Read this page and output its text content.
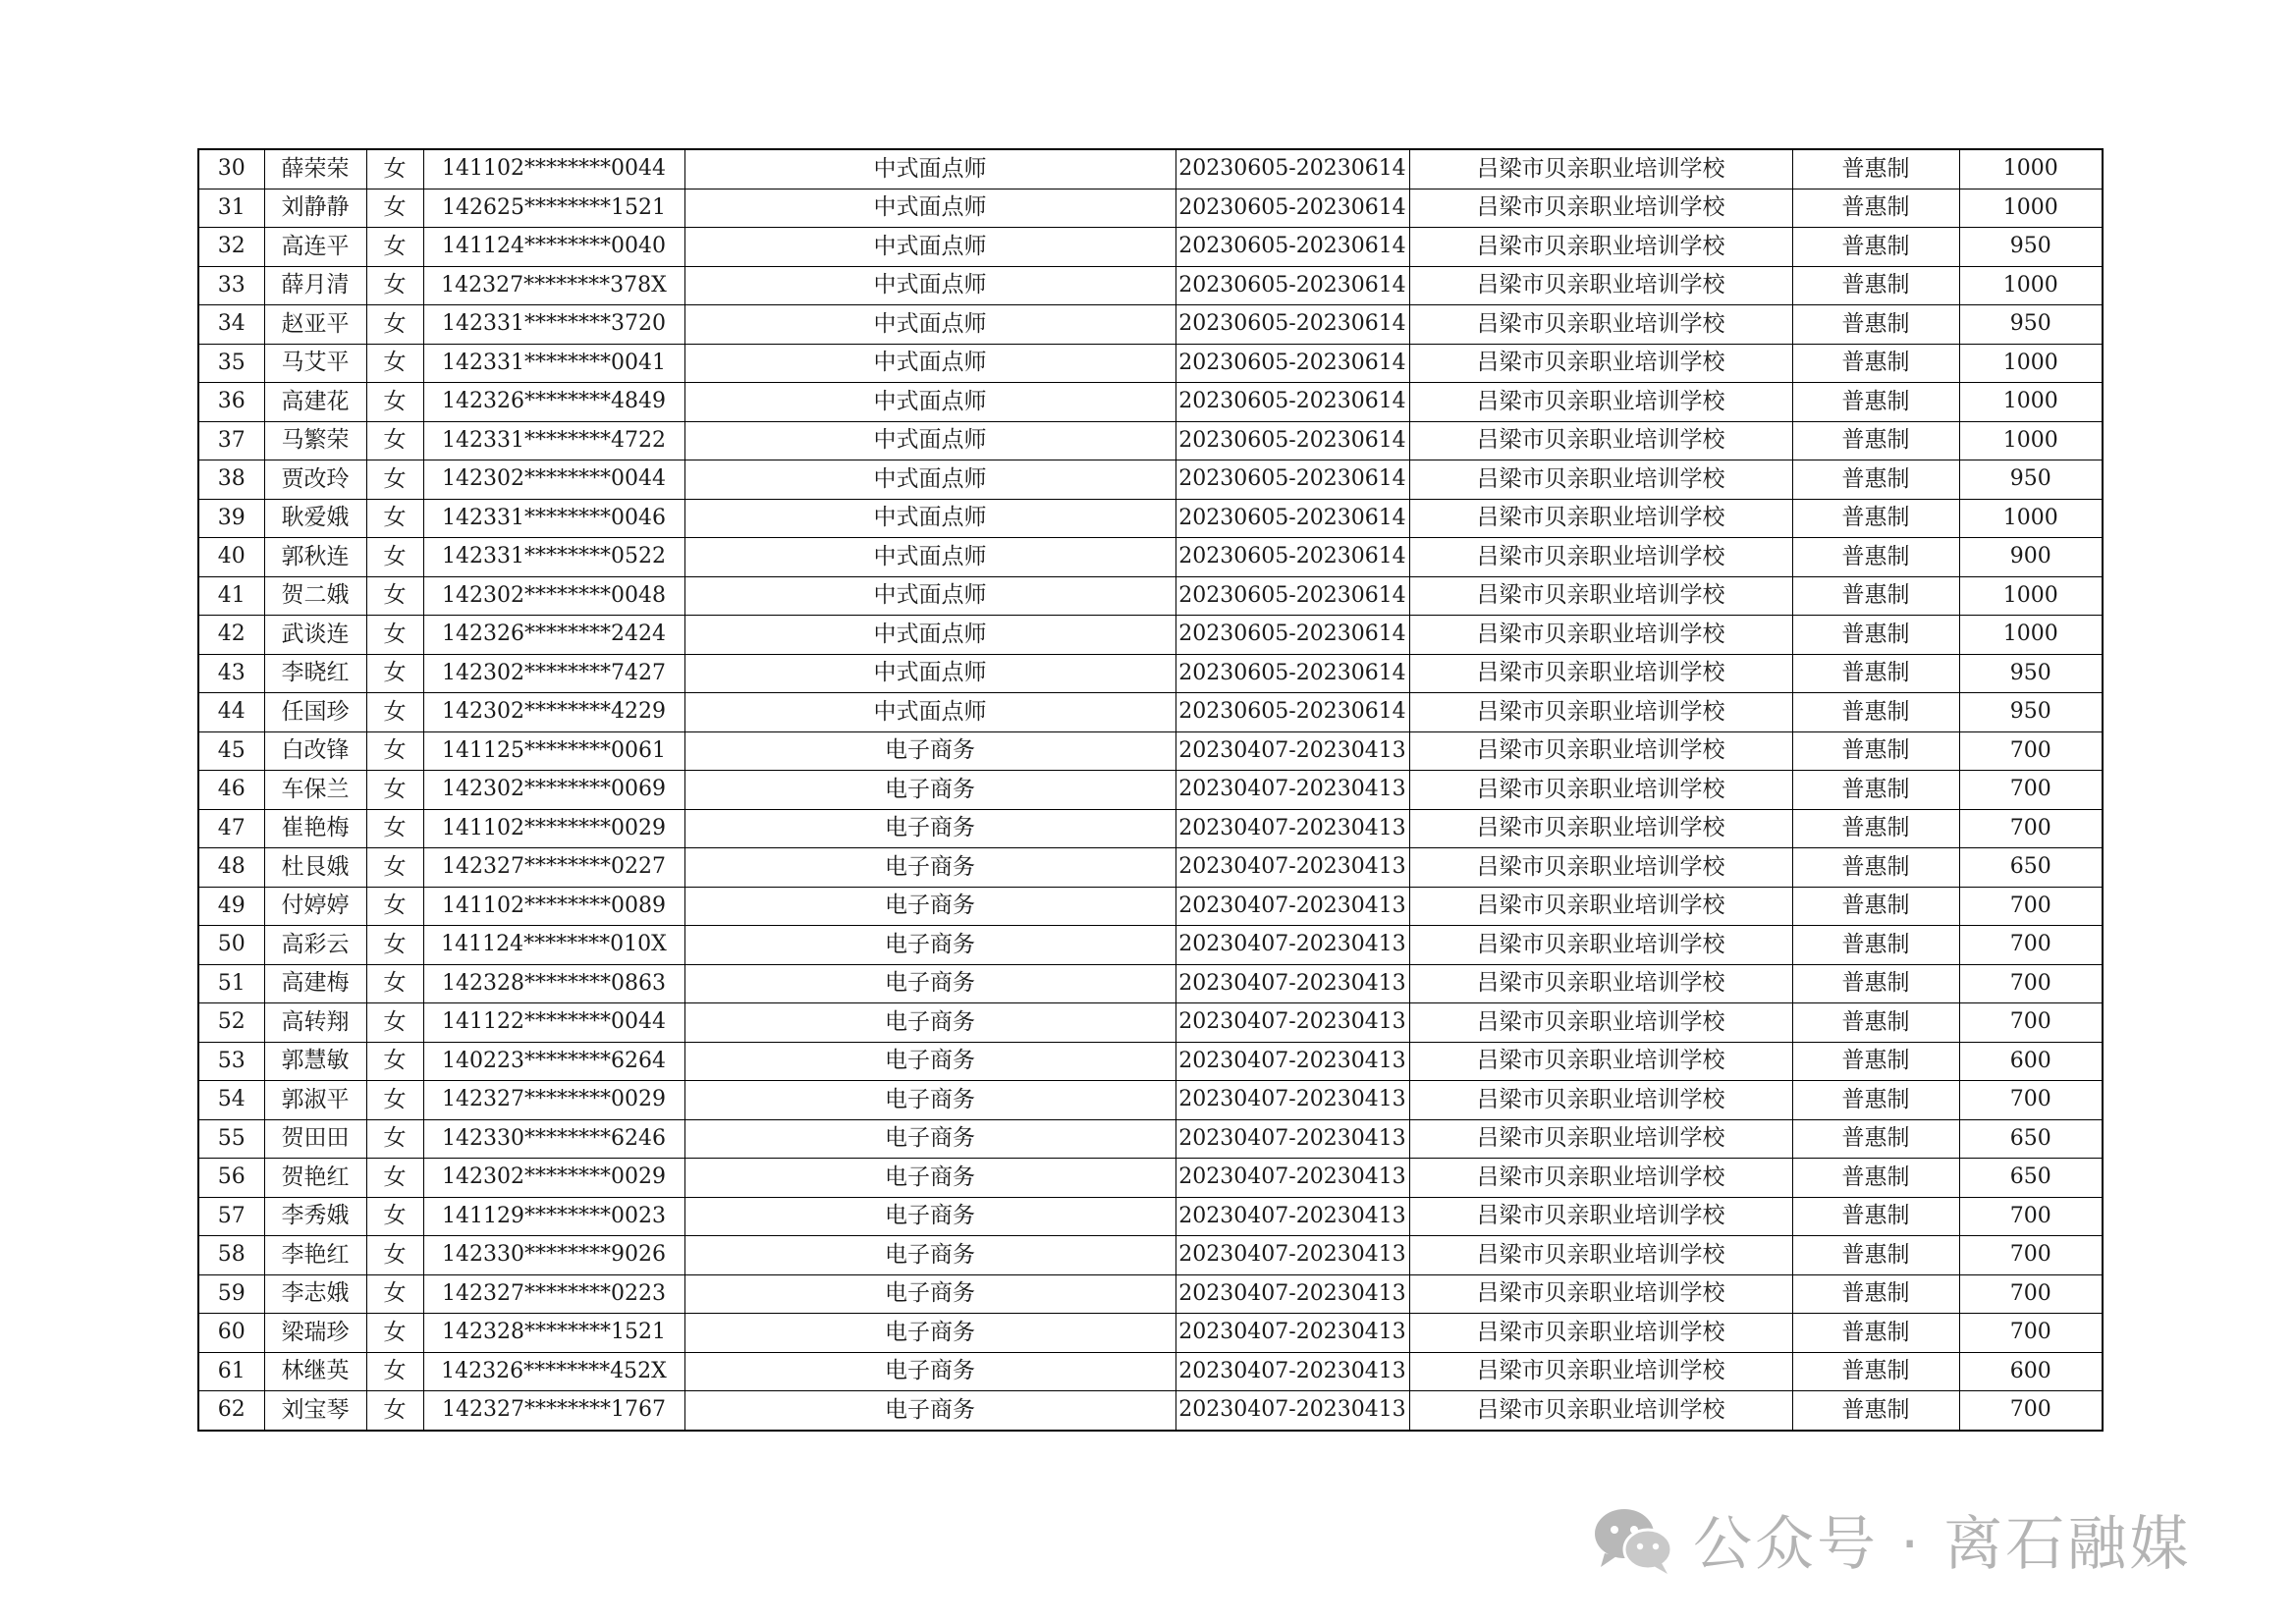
30	薛荣荣	女	141102********0044	中式面点师	20230605-20230614	吕梁市贝亲职业培训学校	普惠制	1000
31	刘静静	女	142625********1521	中式面点师	20230605-20230614	吕梁市贝亲职业培训学校	普惠制	1000
32	高连平	女	141124********0040	中式面点师	20230605-20230614	吕梁市贝亲职业培训学校	普惠制	950
33	薛月清	女	142327********378X	中式面点师	20230605-20230614	吕梁市贝亲职业培训学校	普惠制	1000
34	赵亚平	女	142331********3720	中式面点师	20230605-20230614	吕梁市贝亲职业培训学校	普惠制	950
35	马艾平	女	142331********0041	中式面点师	20230605-20230614	吕梁市贝亲职业培训学校	普惠制	1000
36	高建花	女	142326********4849	中式面点师	20230605-20230614	吕梁市贝亲职业培训学校	普惠制	1000
37	马繁荣	女	142331********4722	中式面点师	20230605-20230614	吕梁市贝亲职业培训学校	普惠制	1000
38	贾改玲	女	142302********0044	中式面点师	20230605-20230614	吕梁市贝亲职业培训学校	普惠制	950
39	耿爱娥	女	142331********0046	中式面点师	20230605-20230614	吕梁市贝亲职业培训学校	普惠制	1000
40	郭秋连	女	142331********0522	中式面点师	20230605-20230614	吕梁市贝亲职业培训学校	普惠制	900
41	贺二娥	女	142302********0048	中式面点师	20230605-20230614	吕梁市贝亲职业培训学校	普惠制	1000
42	武谈连	女	142326********2424	中式面点师	20230605-20230614	吕梁市贝亲职业培训学校	普惠制	1000
43	李晓红	女	142302********7427	中式面点师	20230605-20230614	吕梁市贝亲职业培训学校	普惠制	950
44	任国珍	女	142302********4229	中式面点师	20230605-20230614	吕梁市贝亲职业培训学校	普惠制	950
45	白改锋	女	141125********0061	电子商务	20230407-20230413	吕梁市贝亲职业培训学校	普惠制	700
46	车保兰	女	142302********0069	电子商务	20230407-20230413	吕梁市贝亲职业培训学校	普惠制	700
47	崔艳梅	女	141102********0029	电子商务	20230407-20230413	吕梁市贝亲职业培训学校	普惠制	700
48	杜艮娥	女	142327********0227	电子商务	20230407-20230413	吕梁市贝亲职业培训学校	普惠制	650
49	付婷婷	女	141102********0089	电子商务	20230407-20230413	吕梁市贝亲职业培训学校	普惠制	700
50	高彩云	女	141124********010X	电子商务	20230407-20230413	吕梁市贝亲职业培训学校	普惠制	700
51	高建梅	女	142328********0863	电子商务	20230407-20230413	吕梁市贝亲职业培训学校	普惠制	700
52	高转翔	女	141122********0044	电子商务	20230407-20230413	吕梁市贝亲职业培训学校	普惠制	700
53	郭慧敏	女	140223********6264	电子商务	20230407-20230413	吕梁市贝亲职业培训学校	普惠制	600
54	郭淑平	女	142327********0029	电子商务	20230407-20230413	吕梁市贝亲职业培训学校	普惠制	700
55	贺田田	女	142330********6246	电子商务	20230407-20230413	吕梁市贝亲职业培训学校	普惠制	650
56	贺艳红	女	142302********0029	电子商务	20230407-20230413	吕梁市贝亲职业培训学校	普惠制	650
57	李秀娥	女	141129********0023	电子商务	20230407-20230413	吕梁市贝亲职业培训学校	普惠制	700
58	李艳红	女	142330********9026	电子商务	20230407-20230413	吕梁市贝亲职业培训学校	普惠制	700
59	李志娥	女	142327********0223	电子商务	20230407-20230413	吕梁市贝亲职业培训学校	普惠制	700
60	梁瑞珍	女	142328********1521	电子商务	20230407-20230413	吕梁市贝亲职业培训学校	普惠制	700
61	林继英	女	142326********452X	电子商务	20230407-20230413	吕梁市贝亲职业培训学校	普惠制	600
62	刘宝琴	女	142327********1767	电子商务	20230407-20230413	吕梁市贝亲职业培训学校	普惠制	700
公众号 · 离石融媒
